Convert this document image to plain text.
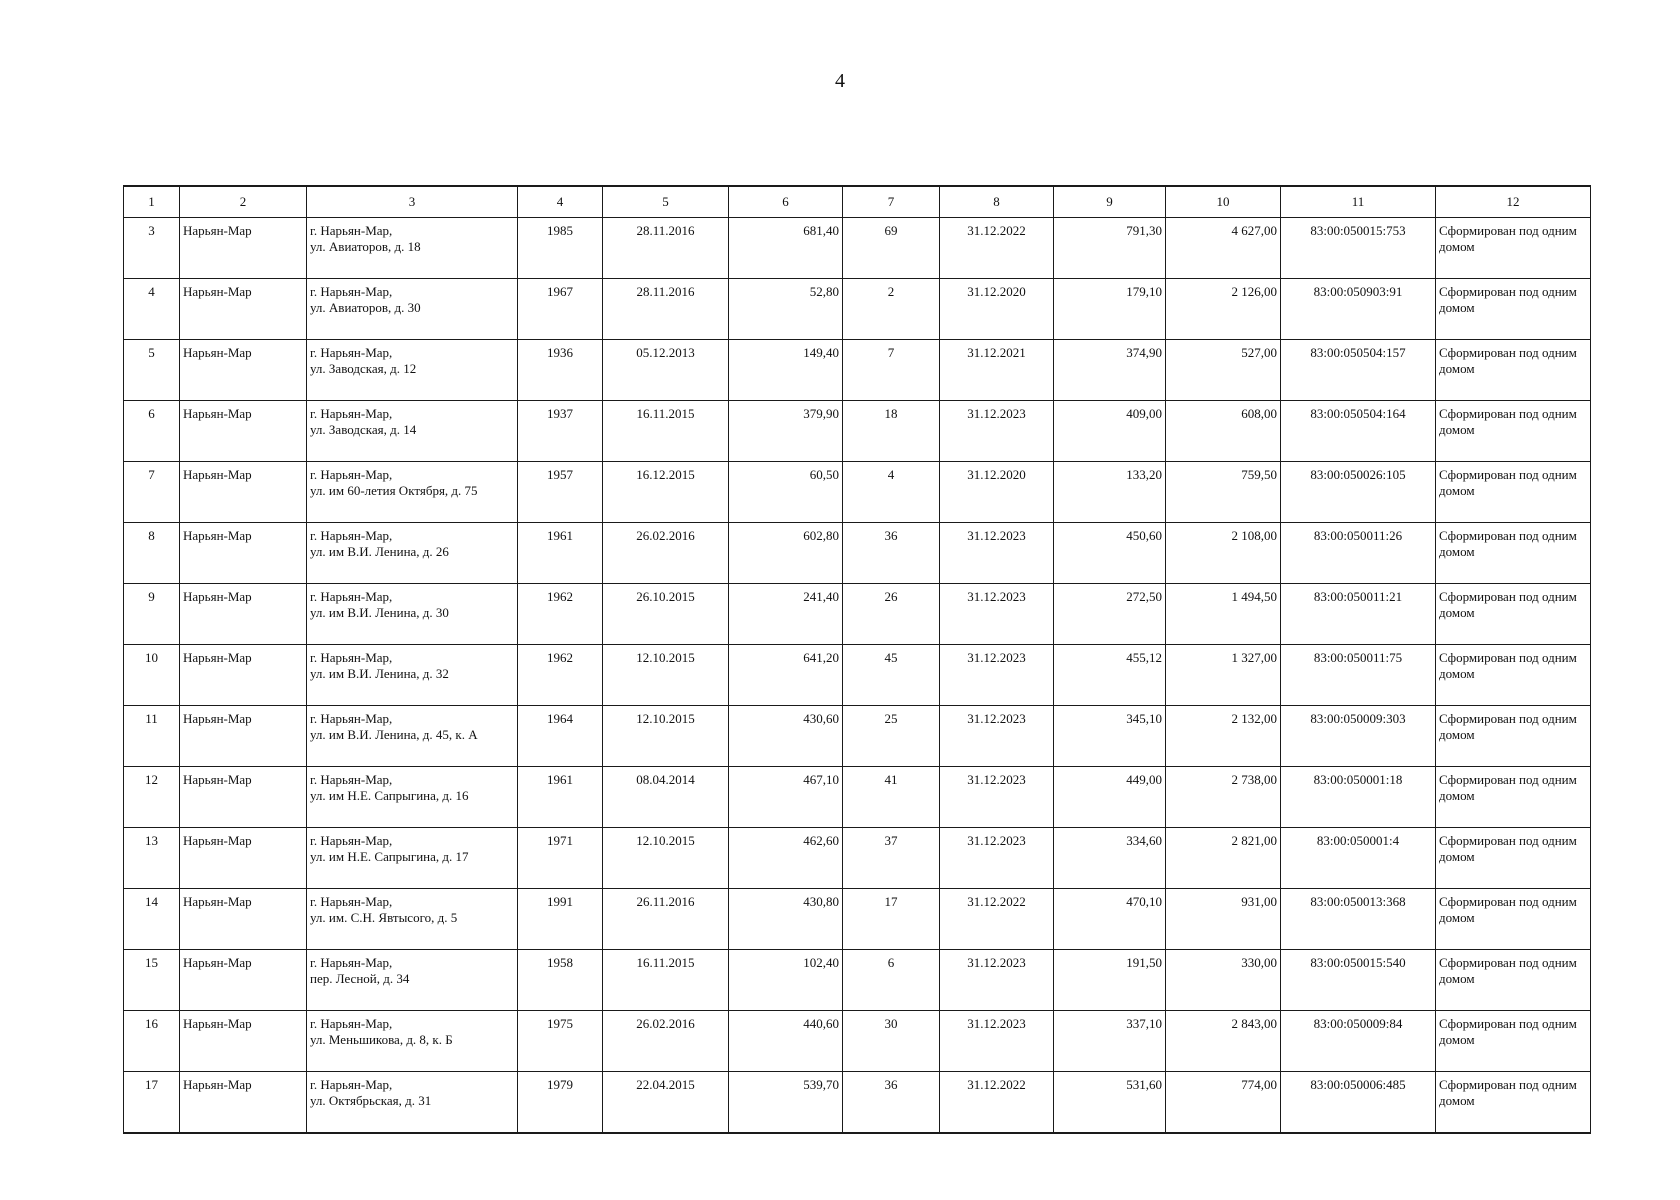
4
1	2	3	4	5	6	7	8	9	10	11	12
3	Нарьян-Мар	г. Нарьян-Мар,
ул. Авиаторов, д. 18	1985	28.11.2016	681,40	69	31.12.2022	791,30	4 627,00	83:00:050015:753	Сформирован под одним домом
4	Нарьян-Мар	г. Нарьян-Мар,
ул. Авиаторов, д. 30	1967	28.11.2016	52,80	2	31.12.2020	179,10	2 126,00	83:00:050903:91	Сформирован под одним домом
5	Нарьян-Мар	г. Нарьян-Мар,
ул. Заводская, д. 12	1936	05.12.2013	149,40	7	31.12.2021	374,90	527,00	83:00:050504:157	Сформирован под одним домом
6	Нарьян-Мар	г. Нарьян-Мар,
ул. Заводская, д. 14	1937	16.11.2015	379,90	18	31.12.2023	409,00	608,00	83:00:050504:164	Сформирован под одним домом
7	Нарьян-Мар	г. Нарьян-Мар,
ул. им 60-летия Октября, д. 75	1957	16.12.2015	60,50	4	31.12.2020	133,20	759,50	83:00:050026:105	Сформирован под одним домом
8	Нарьян-Мар	г. Нарьян-Мар,
ул. им В.И. Ленина, д. 26	1961	26.02.2016	602,80	36	31.12.2023	450,60	2 108,00	83:00:050011:26	Сформирован под одним домом
9	Нарьян-Мар	г. Нарьян-Мар,
ул. им В.И. Ленина, д. 30	1962	26.10.2015	241,40	26	31.12.2023	272,50	1 494,50	83:00:050011:21	Сформирован под одним домом
10	Нарьян-Мар	г. Нарьян-Мар,
ул. им В.И. Ленина, д. 32	1962	12.10.2015	641,20	45	31.12.2023	455,12	1 327,00	83:00:050011:75	Сформирован под одним домом
11	Нарьян-Мар	г. Нарьян-Мар,
ул. им В.И. Ленина, д. 45, к. А	1964	12.10.2015	430,60	25	31.12.2023	345,10	2 132,00	83:00:050009:303	Сформирован под одним домом
12	Нарьян-Мар	г. Нарьян-Мар,
ул. им Н.Е. Сапрыгина, д. 16	1961	08.04.2014	467,10	41	31.12.2023	449,00	2 738,00	83:00:050001:18	Сформирован под одним домом
13	Нарьян-Мар	г. Нарьян-Мар,
ул. им Н.Е. Сапрыгина, д. 17	1971	12.10.2015	462,60	37	31.12.2023	334,60	2 821,00	83:00:050001:4	Сформирован под одним домом
14	Нарьян-Мар	г. Нарьян-Мар,
ул. им. С.Н. Явтысого, д. 5	1991	26.11.2016	430,80	17	31.12.2022	470,10	931,00	83:00:050013:368	Сформирован под одним домом
15	Нарьян-Мар	г. Нарьян-Мар,
пер. Лесной, д. 34	1958	16.11.2015	102,40	6	31.12.2023	191,50	330,00	83:00:050015:540	Сформирован под одним домом
16	Нарьян-Мар	г. Нарьян-Мар,
ул. Меньшикова, д. 8, к. Б	1975	26.02.2016	440,60	30	31.12.2023	337,10	2 843,00	83:00:050009:84	Сформирован под одним домом
17	Нарьян-Мар	г. Нарьян-Мар,
ул. Октябрьская, д. 31	1979	22.04.2015	539,70	36	31.12.2022	531,60	774,00	83:00:050006:485	Сформирован под одним домом
